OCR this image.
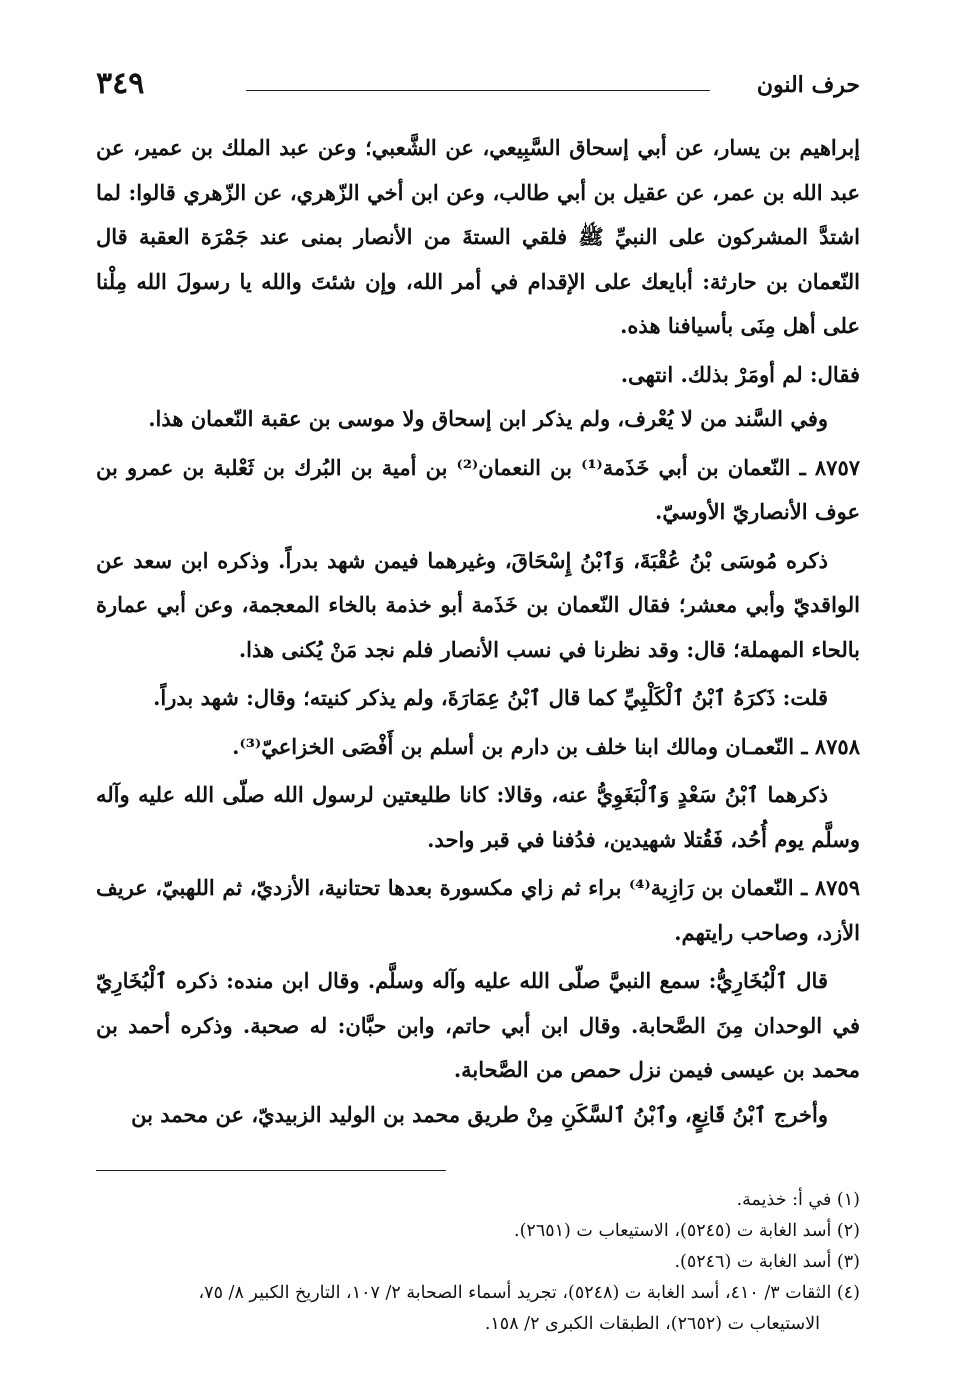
حرف النون
٣٤٩

إبراهيم بن يسار، عن أبي إسحاق السَّبِيعي، عن الشَّعبي؛ وعن عبد الملك بن عمير، عن عبد الله بن عمر، عن عقيل بن أبي طالب، وعن ابن أخي الزّهري، عن الزّهري قالوا: لما اشتدَّ المشركون على النبيِّ ﷺ فلقي الستةَ من الأنصار بمنى عند جَمْرَة العقبة قال النّعمان بن حارثة: أبايعك على الإقدام في أمر الله، وإن شئتَ والله يا رسولَ الله مِلْنا على أهل مِنَى بأسيافنا هذه.

فقال: لم أومَرْ بذلك. انتهى.

وفي السَّند من لا يُعْرف، ولم يذكر ابن إسحاق ولا موسى بن عقبة النّعمان هذا.

٨٧٥٧ ـ النّعمان بن أبي خَذَمة⁽¹⁾ بن النعمان⁽²⁾ بن أمية بن البُرك بن ثَعْلبة بن عمرو بن عوف الأنصاريّ الأوسيّ.

ذكره مُوسَى بْنُ عُقْبَةَ، وَٱبْنُ إِسْحَاقَ، وغيرهما فيمن شهد بدراً. وذكره ابن سعد عن الواقديّ وأبي معشر؛ فقال النّعمان بن خَذَمة أبو خذمة بالخاء المعجمة، وعن أبي عمارة بالحاء المهملة؛ قال: وقد نظرنا في نسب الأنصار فلم نجد مَنْ يُكنى هذا.

قلت: ذَكرَهُ ٱبْنُ ٱلْكَلْبِيِّ كما قال ٱبْنُ عِمَارَةَ، ولم يذكر كنيته؛ وقال: شهد بدراً.

٨٧٥٨ ـ النّعمـان ومالك ابنا خلف بن دارم بن أسلم بن أَفْصَى الخزاعيّ⁽³⁾.

ذكرهما ٱبْنُ سَعْدٍ وَٱلْبَغَوِيُّ عنه، وقالا: كانا طليعتين لرسول الله صلّى الله عليه وآله وسلَّم يوم أُحُد، فَقُتلا شهيدين، فدُفنا في قبر واحد.

٨٧٥٩ ـ النّعمان بن رَازِية⁽⁴⁾ براء ثم زاي مكسورة بعدها تحتانية، الأزديّ، ثم اللهبيّ، عريف الأزد، وصاحب رايتهم.

قال ٱلْبُخَارِيُّ: سمع النبيَّ صلّى الله عليه وآله وسلَّم. وقال ابن منده: ذكره ٱلْبُخَارِيّ في الوحدان مِنَ الصَّحابة. وقال ابن أبي حاتم، وابن حبَّان: له صحبة. وذكره أحمد بن محمد بن عيسى فيمن نزل حمص من الصَّحابة.

وأخرج ٱبْنُ قَانِعٍ، وٱبْنُ ٱلسَّكَنِ مِنْ طريق محمد بن الوليد الزبيديّ، عن محمد بن

(١) في أ: خذيمة.

(٢) أسد الغابة ت (٥٢٤٥)، الاستيعاب ت (٢٦٥١).

(٣) أسد الغابة ت (٥٢٤٦).

(٤) الثقات ٣/ ٤١٠، أسد الغابة ت (٥٢٤٨)، تجريد أسماء الصحابة ٢/ ١٠٧، التاريخ الكبير ٨/ ٧٥،

الاستيعاب ت (٢٦٥٢)، الطبقات الكبرى ٢/ ١٥٨.
